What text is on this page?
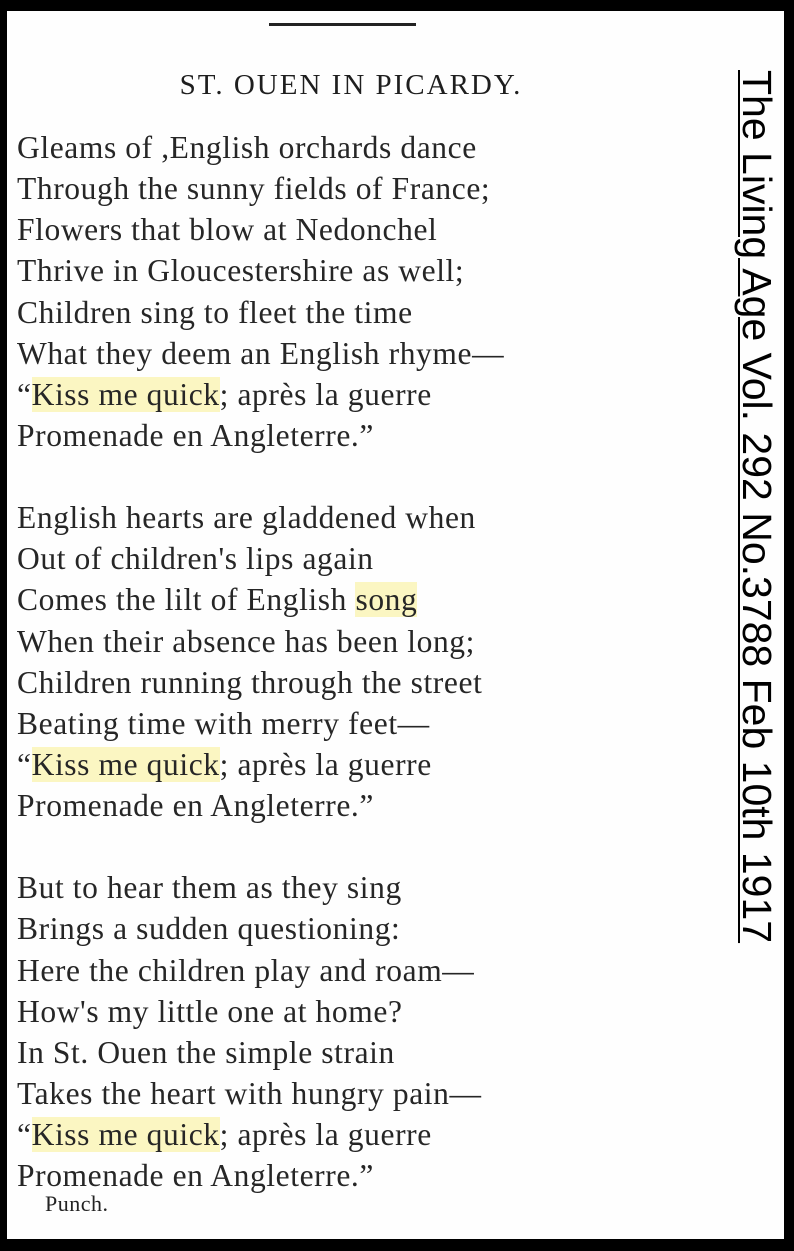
ST. OUEN IN PICARDY.
Gleams of ,English orchards dance
Through the sunny fields of France;
Flowers that blow at Nedonchel
Thrive in Gloucestershire as well;
Children sing to fleet the time
What they deem an English rhyme—
“Kiss me quick; après la guerre
Promenade en Angleterre.”
English hearts are gladdened when
Out of children's lips again
Comes the lilt of English song
When their absence has been long;
Children running through the street
Beating time with merry feet—
“Kiss me quick; après la guerre
Promenade en Angleterre.”
But to hear them as they sing
Brings a sudden questioning:
Here the children play and roam—
How's my little one at home?
In St. Ouen the simple strain
Takes the heart with hungry pain—
“Kiss me quick; après la guerre
Promenade en Angleterre.”
Punch.
The Living Age Vol. 292 No.3788 Feb 10th 1917
